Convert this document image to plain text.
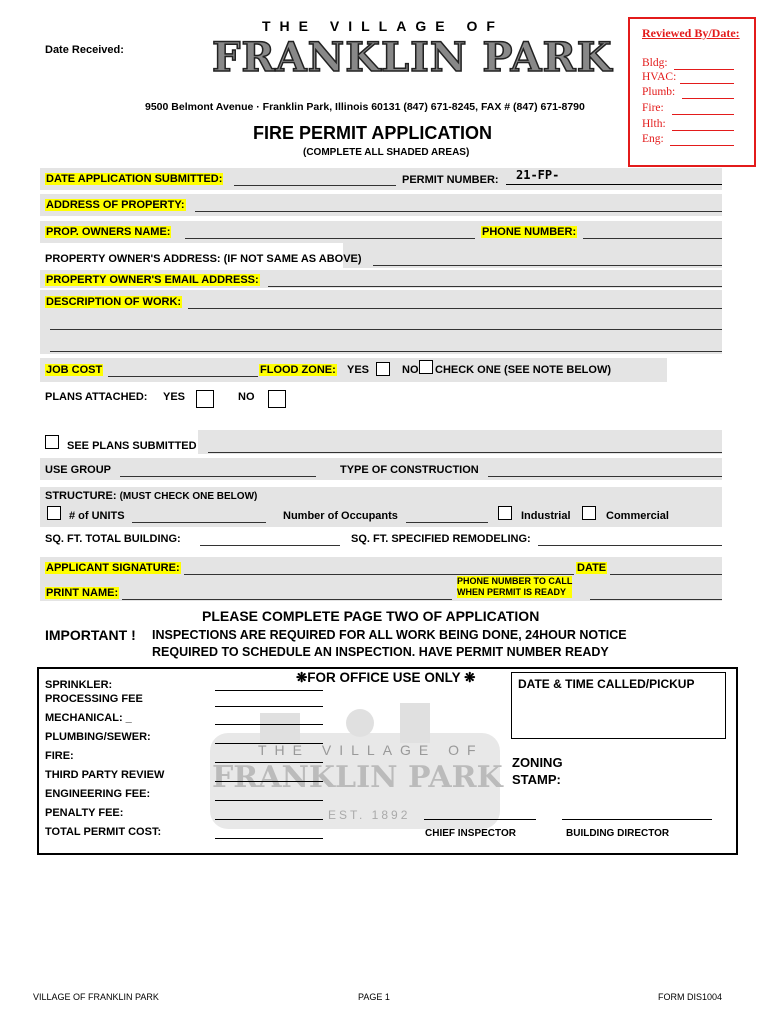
Date Received:
THE VILLAGE OF
FRANKLIN PARK
9500 Belmont Avenue · Franklin Park, Illinois 60131 (847) 671-8245, FAX # (847) 671-8790
FIRE PERMIT APPLICATION
(COMPLETE ALL SHADED AREAS)
Reviewed By/Date:
Bldg:
HVAC:
Plumb:
Fire:
Hlth:
Eng:
DATE APPLICATION SUBMITTED:	PERMIT NUMBER: 21-FP-
ADDRESS OF PROPERTY:
PROP. OWNERS NAME:	PHONE NUMBER:
PROPERTY OWNER'S ADDRESS: (IF NOT SAME AS ABOVE)
PROPERTY OWNER'S EMAIL ADDRESS:
DESCRIPTION OF WORK:
JOB COST	FLOOD ZONE: YES	NO CHECK ONE (SEE NOTE BELOW)
PLANS ATTACHED: YES	NO
SEE PLANS SUBMITTED
USE GROUP	TYPE OF CONSTRUCTION
STRUCTURE: (MUST CHECK ONE BELOW)
# of UNITS	Number of Occupants	Industrial	Commercial
SQ. FT. TOTAL BUILDING:	SQ. FT. SPECIFIED REMODELING:
APPLICANT SIGNATURE:	DATE
PRINT NAME:
PHONE NUMBER TO CALL
WHEN PERMIT IS READY
PLEASE COMPLETE PAGE TWO OF APPLICATION
IMPORTANT ! INSPECTIONS ARE REQUIRED FOR ALL WORK BEING DONE, 24HOUR NOTICE
REQUIRED TO SCHEDULE AN INSPECTION. HAVE PERMIT NUMBER READY
THE VILLAGE OF
FRANKLIN PARK
EST. 1892
❋FOR OFFICE USE ONLY ❋
SPRINKLER:
PROCESSING FEE
MECHANICAL: _
PLUMBING/SEWER:
FIRE:
THIRD PARTY REVIEW
ENGINEERING FEE:
PENALTY FEE:
TOTAL PERMIT COST:
DATE & TIME CALLED/PICKUP
ZONING
STAMP:
CHIEF INSPECTOR	BUILDING DIRECTOR
VILLAGE OF FRANKLIN PARK	PAGE 1	FORM DIS1004
